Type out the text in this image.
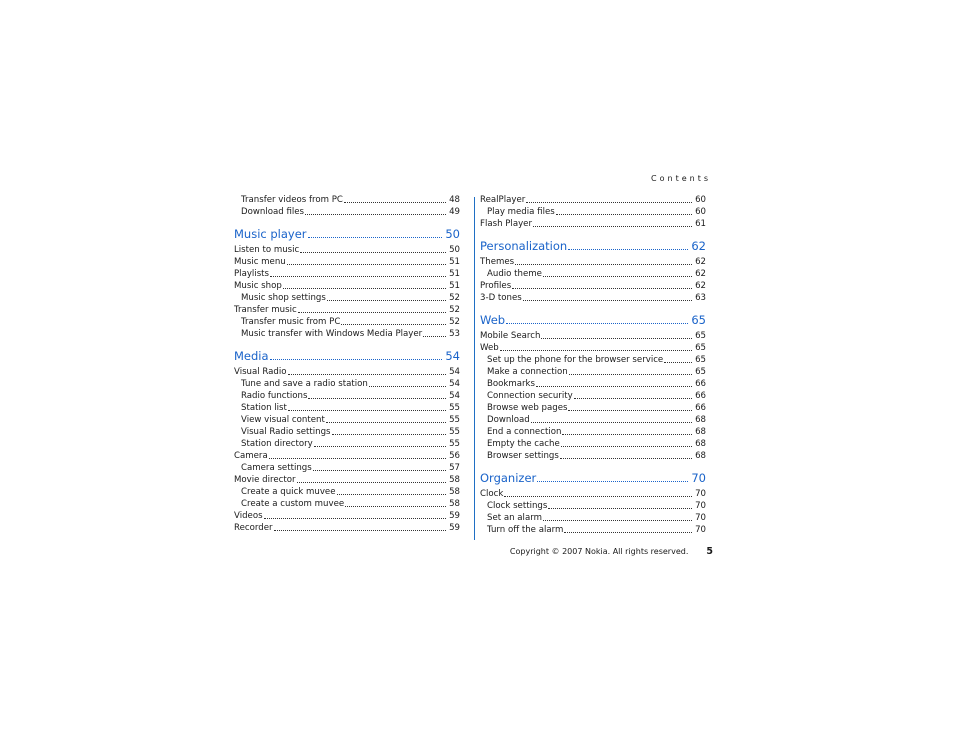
Contents
Transfer videos from PC	48
Download files	49
Music player	50
Listen to music	50
Music menu	51
Playlists	51
Music shop	51
Music shop settings	52
Transfer music	52
Transfer music from PC	52
Music transfer with Windows Media Player	53
Media	54
Visual Radio	54
Tune and save a radio station	54
Radio functions	54
Station list	55
View visual content	55
Visual Radio settings	55
Station directory	55
Camera	56
Camera settings	57
Movie director	58
Create a quick muvee	58
Create a custom muvee	58
Videos	59
Recorder	59
RealPlayer	60
Play media files	60
Flash Player	61
Personalization	62
Themes	62
Audio theme	62
Profiles	62
3-D tones	63
Web	65
Mobile Search	65
Web	65
Set up the phone for the browser service	65
Make a connection	65
Bookmarks	66
Connection security	66
Browse web pages	66
Download	68
End a connection	68
Empty the cache	68
Browser settings	68
Organizer	70
Clock	70
Clock settings	70
Set an alarm	70
Turn off the alarm	70
Copyright © 2007 Nokia. All rights reserved. 5
